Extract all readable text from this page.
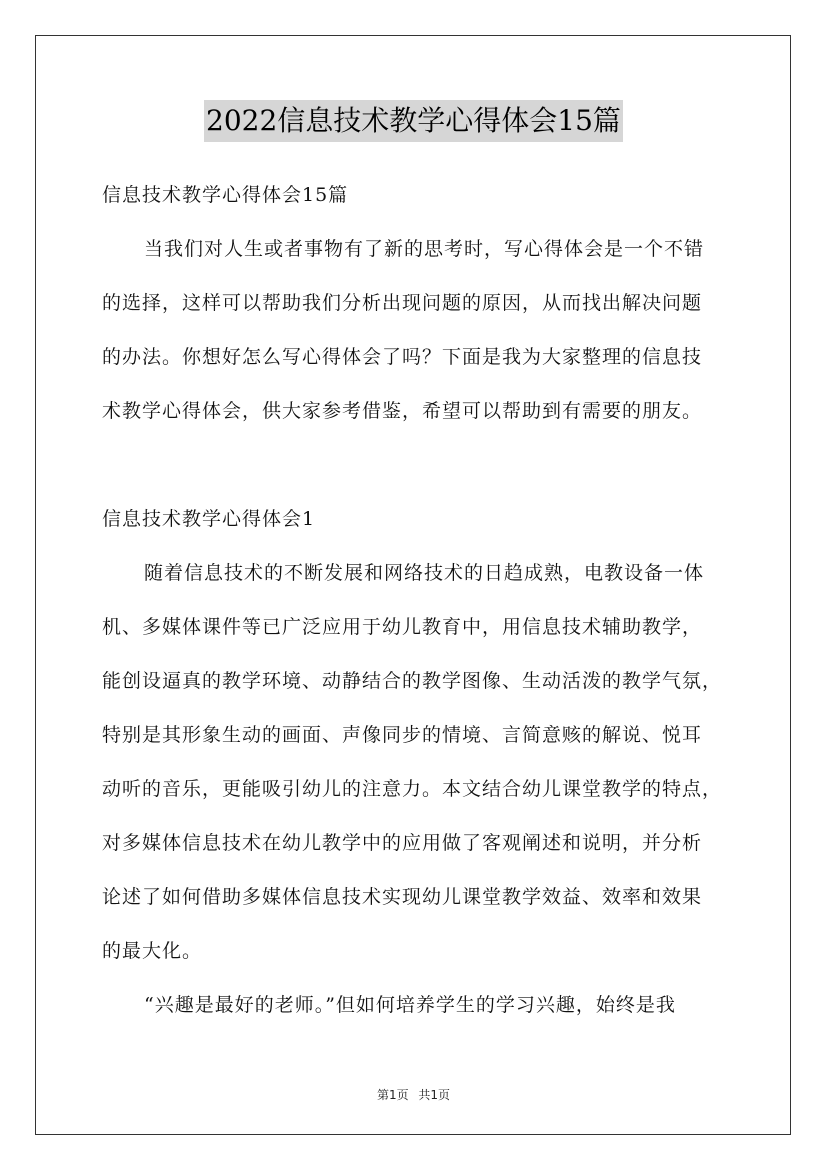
2022信息技术教学心得体会15篇
信息技术教学心得体会15篇
当我们对人生或者事物有了新的思考时，写心得体会是一个不错
的选择，这样可以帮助我们分析出现问题的原因，从而找出解决问题
的办法。你想好怎么写心得体会了吗？下面是我为大家整理的信息技
术教学心得体会，供大家参考借鉴，希望可以帮助到有需要的朋友。
信息技术教学心得体会1
随着信息技术的不断发展和网络技术的日趋成熟，电教设备一体
机、多媒体课件等已广泛应用于幼儿教育中，用信息技术辅助教学，
能创设逼真的教学环境、动静结合的教学图像、生动活泼的教学气氛，
特别是其形象生动的画面、声像同步的情境、言简意赅的解说、悦耳
动听的音乐，更能吸引幼儿的注意力。本文结合幼儿课堂教学的特点，
对多媒体信息技术在幼儿教学中的应用做了客观阐述和说明，并分析
论述了如何借助多媒体信息技术实现幼儿课堂教学效益、效率和效果
的最大化。
“兴趣是最好的老师。”但如何培养学生的学习兴趣，始终是我
第1页 共1页
